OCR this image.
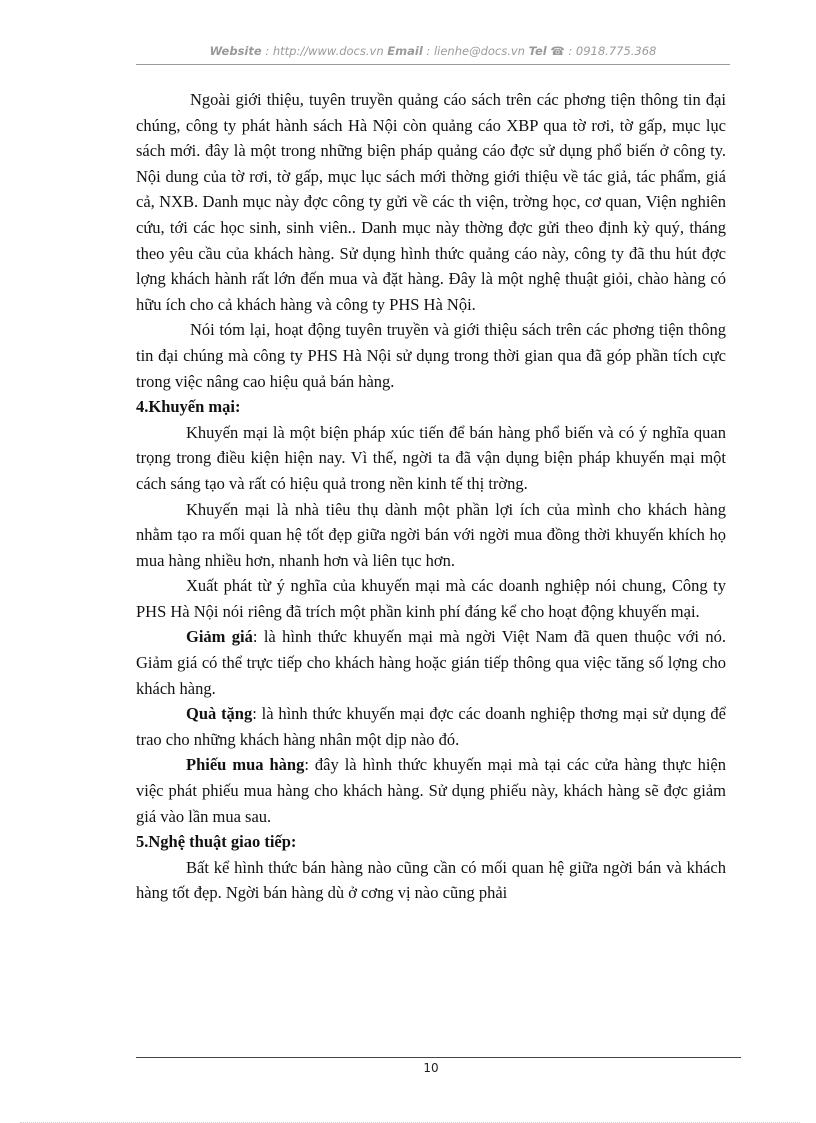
Website : http://www.docs.vn Email : lienhe@docs.vn Tel ☎ : 0918.775.368

Ngoài giới thiệu, tuyên truyền quảng cáo sách trên các phơng tiện thông tin đại chúng, công ty phát hành sách Hà Nội còn quảng cáo XBP qua tờ rơi, tờ gấp, mục lục sách mới. đây là một trong những biện pháp quảng cáo đợc sử dụng phổ biến ở công ty. Nội dung của tờ rơi, tờ gấp, mục lục sách mới thờng giới thiệu về tác giả, tác phẩm, giá cả, NXB. Danh mục này đợc công ty gửi về các th viện, trờng học, cơ quan, Viện nghiên cứu, tới các học sinh, sinh viên.. Danh mục này thờng đợc gửi theo định kỳ quý, tháng theo yêu cầu của khách hàng. Sử dụng hình thức quảng cáo này, công ty đã thu hút đợc lợng khách hành rất lớn đến mua và đặt hàng. Đây là một nghệ thuật giỏi, chào hàng có hữu ích cho cả khách hàng và công ty PHS Hà Nội.

Nói tóm lại, hoạt động tuyên truyền và giới thiệu sách trên các phơng tiện thông tin đại chúng mà công ty PHS Hà Nội sử dụng trong thời gian qua đã góp phần tích cực trong việc nâng cao hiệu quả bán hàng.

4.Khuyến mại:

Khuyến mại là một biện pháp xúc tiến để bán hàng phổ biến và có ý nghĩa quan trọng trong điều kiện hiện nay. Vì thế, ngời ta đã vận dụng biện pháp khuyến mại một cách sáng tạo và rất có hiệu quả trong nền kinh tế thị trờng.

Khuyến mại là nhà tiêu thụ dành một phần lợi ích của mình cho khách hàng nhằm tạo ra mối quan hệ tốt đẹp giữa ngời bán với ngời mua đồng thời khuyến khích họ mua hàng nhiều hơn, nhanh hơn và liên tục hơn.

Xuất phát từ ý nghĩa của khuyến mại mà các doanh nghiệp nói chung, Công ty PHS Hà Nội nói riêng đã trích một phần kinh phí đáng kể cho hoạt động khuyến mại.

Giảm giá: là hình thức khuyến mại mà ngời Việt Nam đã quen thuộc với nó. Giảm giá có thể trực tiếp cho khách hàng hoặc gián tiếp thông qua việc tăng số lợng cho khách hàng.

Quà tặng: là hình thức khuyến mại đợc các doanh nghiệp thơng mại sử dụng để trao cho những khách hàng nhân một dịp nào đó.

Phiếu mua hàng: đây là hình thức khuyến mại mà tại các cửa hàng thực hiện việc phát phiếu mua hàng cho khách hàng. Sử dụng phiếu này, khách hàng sẽ đợc giảm giá vào lần mua sau.

5.Nghệ thuật giao tiếp:

Bất kể hình thức bán hàng nào cũng cần có mối quan hệ giữa ngời bán và khách hàng tốt đẹp. Ngời bán hàng dù ở cơng vị nào cũng phải

10
